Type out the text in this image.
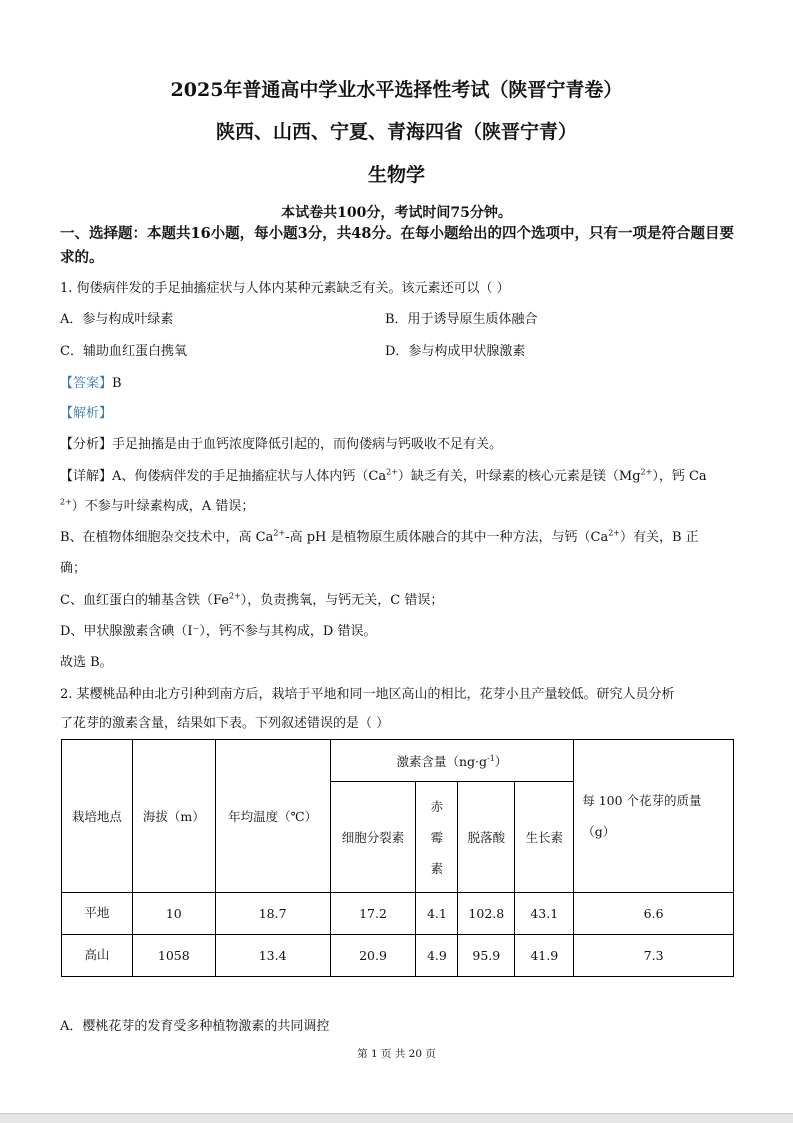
2025年普通高中学业水平选择性考试（陕晋宁青卷）
陕西、山西、宁夏、青海四省（陕晋宁青）
生物学
本试卷共100分，考试时间75分钟。
一、选择题：本题共16小题，每小题3分，共48分。在每小题给出的四个选项中，只有一项是符合题目要求的。
1. 佝偻病伴发的手足抽搐症状与人体内某种元素缺乏有关。该元素还可以（ ）
A．参与构成叶绿素	B．用于诱导原生质体融合
C．辅助血红蛋白携氧	D．参与构成甲状腺激素
【答案】B
【解析】
【分析】手足抽搐是由于血钙浓度降低引起的，而佝偻病与钙吸收不足有关。
【详解】A、佝偻病伴发的手足抽搐症状与人体内钙$(Ca^{2+})$缺乏有关，叶绿素的核心元素是镁$(Mg^{2+})$，钙 Ca
$^{2+}$）不参与叶绿素构成，A 错误；
B、在植物体细胞杂交技术中，高 $Ca^{2+}-$高 pH 是植物原生质体融合的其中一种方法，与钙$(Ca^{2+})$有关，B 正
确；
C、血红蛋白的辅基含铁$(Fe^{2+})$，负责携氧，与钙无关，C 错误；
D、甲状腺激素含碘（I⁻），钙不参与其构成，D 错误。
故选 B。
2. 某樱桃品种由北方引种到南方后，栽培于平地和同一地区高山的相比，花芽小且产量较低。研究人员分析
了花芽的激素含量，结果如下表。下列叙述错误的是（ ）
栽培地点	海拔（m）	年均温度（℃）	激素含量$(ng\cdot g^{-1})$				每 100 个花芽的质量
（g）
			细胞分裂素	赤
霉
素	脱落酸	生长素	
平地	10	18.7	17.2	4.1	102.8	43.1	6.6
高山	1058	13.4	20.9	4.9	95.9	41.9	7.3
A．樱桃花芽的发育受多种植物激素的共同调控
第 1 页 共 20 页
